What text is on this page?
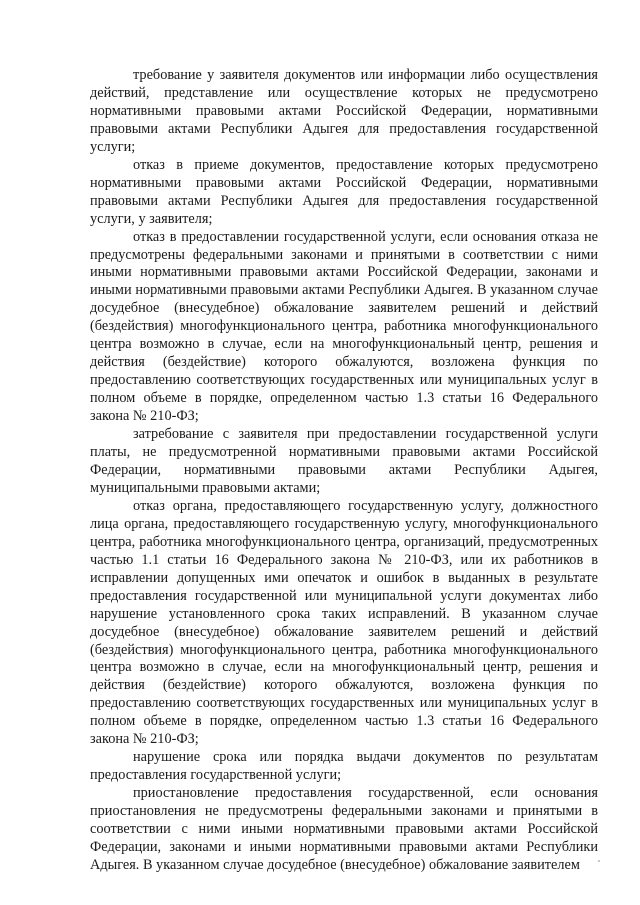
требование у заявителя документов или информации либо осуществления действий, представление или осуществление которых не предусмотрено нормативными правовыми актами Российской Федерации, нормативными правовыми актами Республики Адыгея для предоставления государственной услуги;

отказ в приеме документов, предоставление которых предусмотрено нормативными правовыми актами Российской Федерации, нормативными правовыми актами Республики Адыгея для предоставления государственной услуги, у заявителя;

отказ в предоставлении государственной услуги, если основания отказа не предусмотрены федеральными законами и принятыми в соответствии с ними иными нормативными правовыми актами Российской Федерации, законами и иными нормативными правовыми актами Республики Адыгея. В указанном случае досудебное (внесудебное) обжалование заявителем решений и действий (бездействия) многофункционального центра, работника многофункционального центра возможно в случае, если на многофункциональный центр, решения и действия (бездействие) которого обжалуются, возложена функция по предоставлению соответствующих государственных или муниципальных услуг в полном объеме в порядке, определенном частью 1.3 статьи 16 Федерального закона № 210-ФЗ;

затребование с заявителя при предоставлении государственной услуги платы, не предусмотренной нормативными правовыми актами Российской Федерации, нормативными правовыми актами Республики Адыгея, муниципальными правовыми актами;

отказ органа, предоставляющего государственную услугу, должностного лица органа, предоставляющего государственную услугу, многофункционального центра, работника многофункционального центра, организаций, предусмотренных частью 1.1 статьи 16 Федерального закона № 210-ФЗ, или их работников в исправлении допущенных ими опечаток и ошибок в выданных в результате предоставления государственной или муниципальной услуги документах либо нарушение установленного срока таких исправлений. В указанном случае досудебное (внесудебное) обжалование заявителем решений и действий (бездействия) многофункционального центра, работника многофункционального центра возможно в случае, если на многофункциональный центр, решения и действия (бездействие) которого обжалуются, возложена функция по предоставлению соответствующих государственных или муниципальных услуг в полном объеме в порядке, определенном частью 1.3 статьи 16 Федерального закона № 210-ФЗ;

нарушение срока или порядка выдачи документов по результатам предоставления государственной услуги;

приостановление предоставления государственной, если основания приостановления не предусмотрены федеральными законами и принятыми в соответствии с ними иными нормативными правовыми актами Российской Федерации, законами и иными нормативными правовыми актами Республики Адыгея. В указанном случае досудебное (внесудебное) обжалование заявителем
